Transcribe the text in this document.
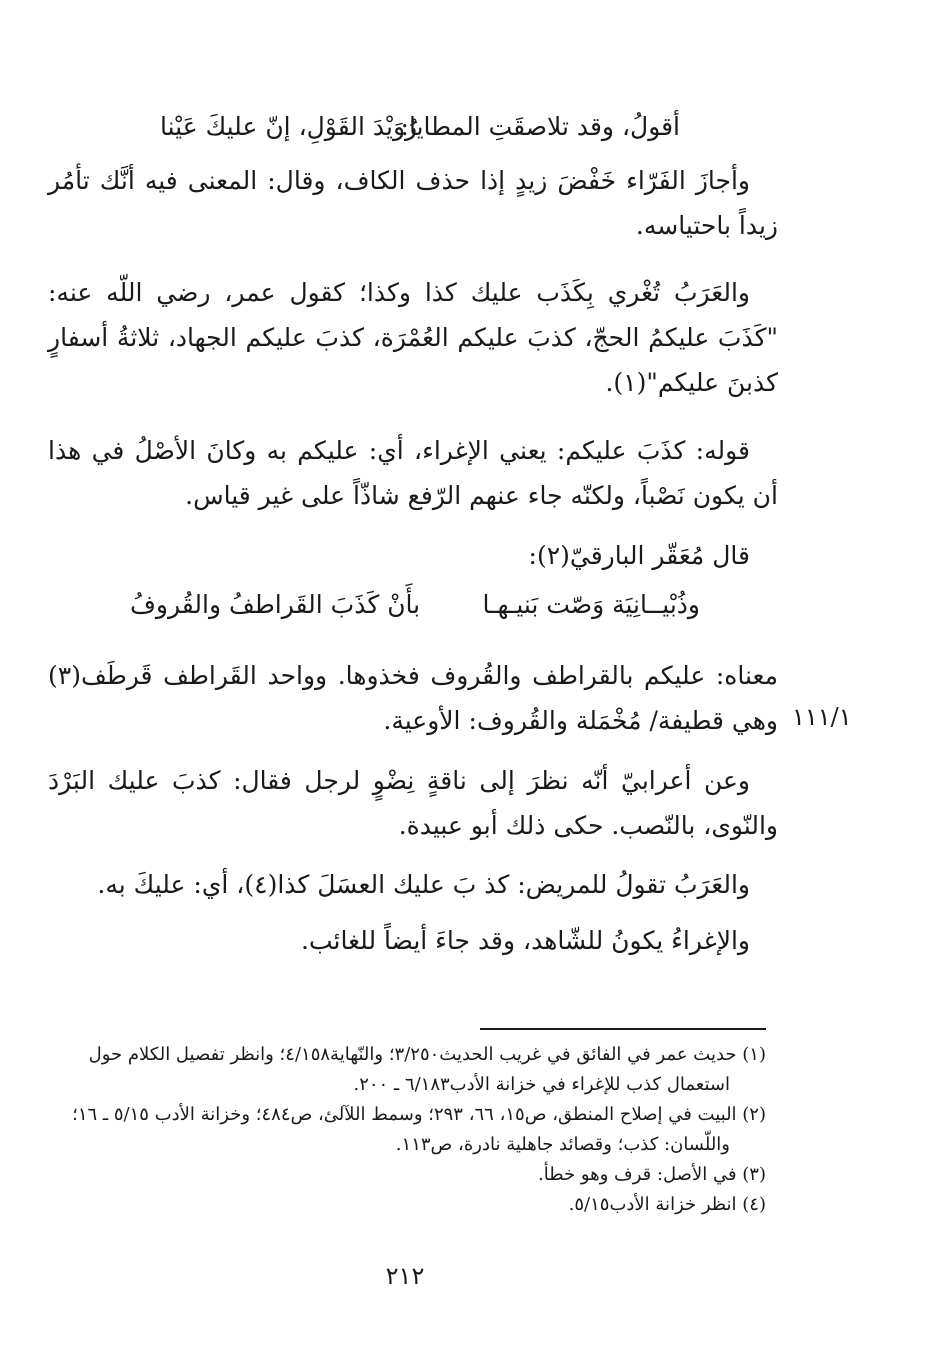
أقولُ، وقد تلاصقَتِ المطايا:
رُوَيْدَ القَوْلِ، إنّ عليكَ عَيْنا

وأجازَ الفَرّاء خَفْضَ زيدٍ إذا حذف الكاف، وقال: المعنى فيه أنَّك تأمُر زيداً باحتياسه.

والعَرَبُ تُغْري بِكَذَب عليك كذا وكذا؛ كقول عمر، رضي اللّه عنه: "كَذَبَ عليكمُ الحجّ، كذبَ عليكم العُمْرَة، كذبَ عليكم الجهاد، ثلاثةُ أسفارٍ كذبنَ عليكم"(١).

قوله: كذَبَ عليكم: يعني الإغراء، أي: عليكم به وكانَ الأصْلُ في هذا أن يكون نَصْباً، ولكنّه جاء عنهم الرّفع شاذّاً على غير قياس.

قال مُعَقّر البارقيّ(٢):

وذُبْيــانِيَة وَصّت بَنيـهـا
بأَنْ كَذَبَ القَراطفُ والقُروفُ

معناه: عليكم بالقراطف والقُروف فخذوها. وواحد القَراطف قَرطَف(٣) وهي قطيفة/ مُخْمَلة والقُروف: الأوعية. ١١١/١

وعن أعرابيّ أنّه نظرَ إلى ناقةٍ نِضْوٍ لرجل فقال: كذبَ عليك البَرْدَ والنّوى، بالنّصب. حكى ذلك أبو عبيدة.

والعَرَبُ تقولُ للمريض: كذ بَ عليك العسَلَ كذا(٤)، أي: عليكَ به.

والإغراءُ يكونُ للشّاهد، وقد جاءَ أيضاً للغائب.

(١) حديث عمر في الفائق في غريب الحديث٣/٢٥٠؛ والنّهاية٤/١٥٨؛ وانظر تفصيل الكلام حول
استعمال كذب للإغراء في خزانة الأدب٦/١٨٣ ـ ٢٠٠.

(٢) البيت في إصلاح المنطق، ص١٥، ٦٦، ٢٩٣؛ وسمط اللآلئ، ص٤٨٤؛ وخزانة الأدب ٥/١٥ ـ ١٦؛
واللّسان: كذب؛ وقصائد جاهلية نادرة، ص١١٣.

(٣) في الأصل: قرف وهو خطأ.

(٤) انظر خزانة الأدب٥/١٥.

٢١٢
